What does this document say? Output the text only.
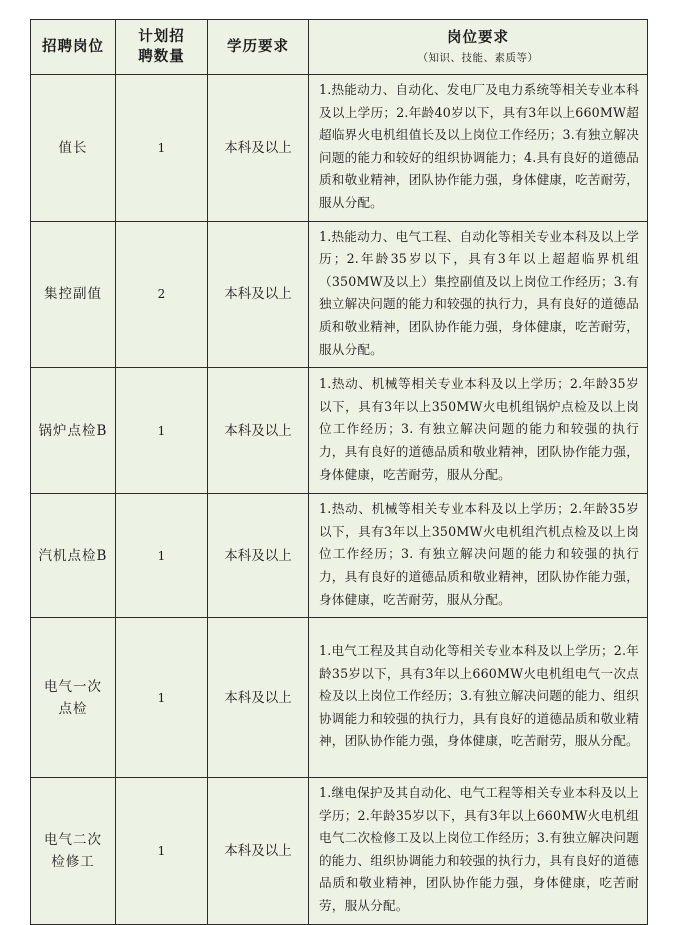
招聘岗位	计划招聘数量	学历要求	岗位要求
（知识、技能、素质等）

值长	1	本科及以上	1.热能动力、自动化、发电厂及电力系统等相关专业本科及以上学历；2.年龄40岁以下，具有3年以上660MW超超临界火电机组值长及以上岗位工作经历；3.有独立解决问题的能力和较好的组织协调能力；4.具有良好的道德品质和敬业精神，团队协作能力强，身体健康，吃苦耐劳，服从分配。
集控副值	2	本科及以上	1.热能动力、电气工程、自动化等相关专业本科及以上学历；2.年龄35岁以下，具有3年以上超超临界机组（350MW及以上）集控副值及以上岗位工作经历；3.有独立解决问题的能力和较强的执行力，具有良好的道德品质和敬业精神，团队协作能力强，身体健康，吃苦耐劳，服从分配。
锅炉点检B	1	本科及以上	1.热动、机械等相关专业本科及以上学历；2.年龄35岁以下，具有3年以上350MW火电机组锅炉点检及以上岗位工作经历；3. 有独立解决问题的能力和较强的执行力，具有良好的道德品质和敬业精神，团队协作能力强，身体健康，吃苦耐劳，服从分配。
汽机点检B	1	本科及以上	1.热动、机械等相关专业本科及以上学历；2.年龄35岁以下，具有3年以上350MW火电机组汽机点检及以上岗位工作经历；3. 有独立解决问题的能力和较强的执行力，具有良好的道德品质和敬业精神，团队协作能力强，身体健康，吃苦耐劳，服从分配。
电气一次点检	1	本科及以上	1.电气工程及其自动化等相关专业本科及以上学历；2.年龄35岁以下，具有3年以上660MW火电机组电气一次点检及以上岗位工作经历；3.有独立解决问题的能力、组织协调能力和较强的执行力，具有良好的道德品质和敬业精神，团队协作能力强，身体健康，吃苦耐劳，服从分配。
电气二次检修工	1	本科及以上	1.继电保护及其自动化、电气工程等相关专业本科及以上学历；2.年龄35岁以下，具有3年以上660MW火电机组电气二次检修工及以上岗位工作经历；3.有独立解决问题的能力、组织协调能力和较强的执行力，具有良好的道德品质和敬业精神，团队协作能力强，身体健康，吃苦耐劳，服从分配。
